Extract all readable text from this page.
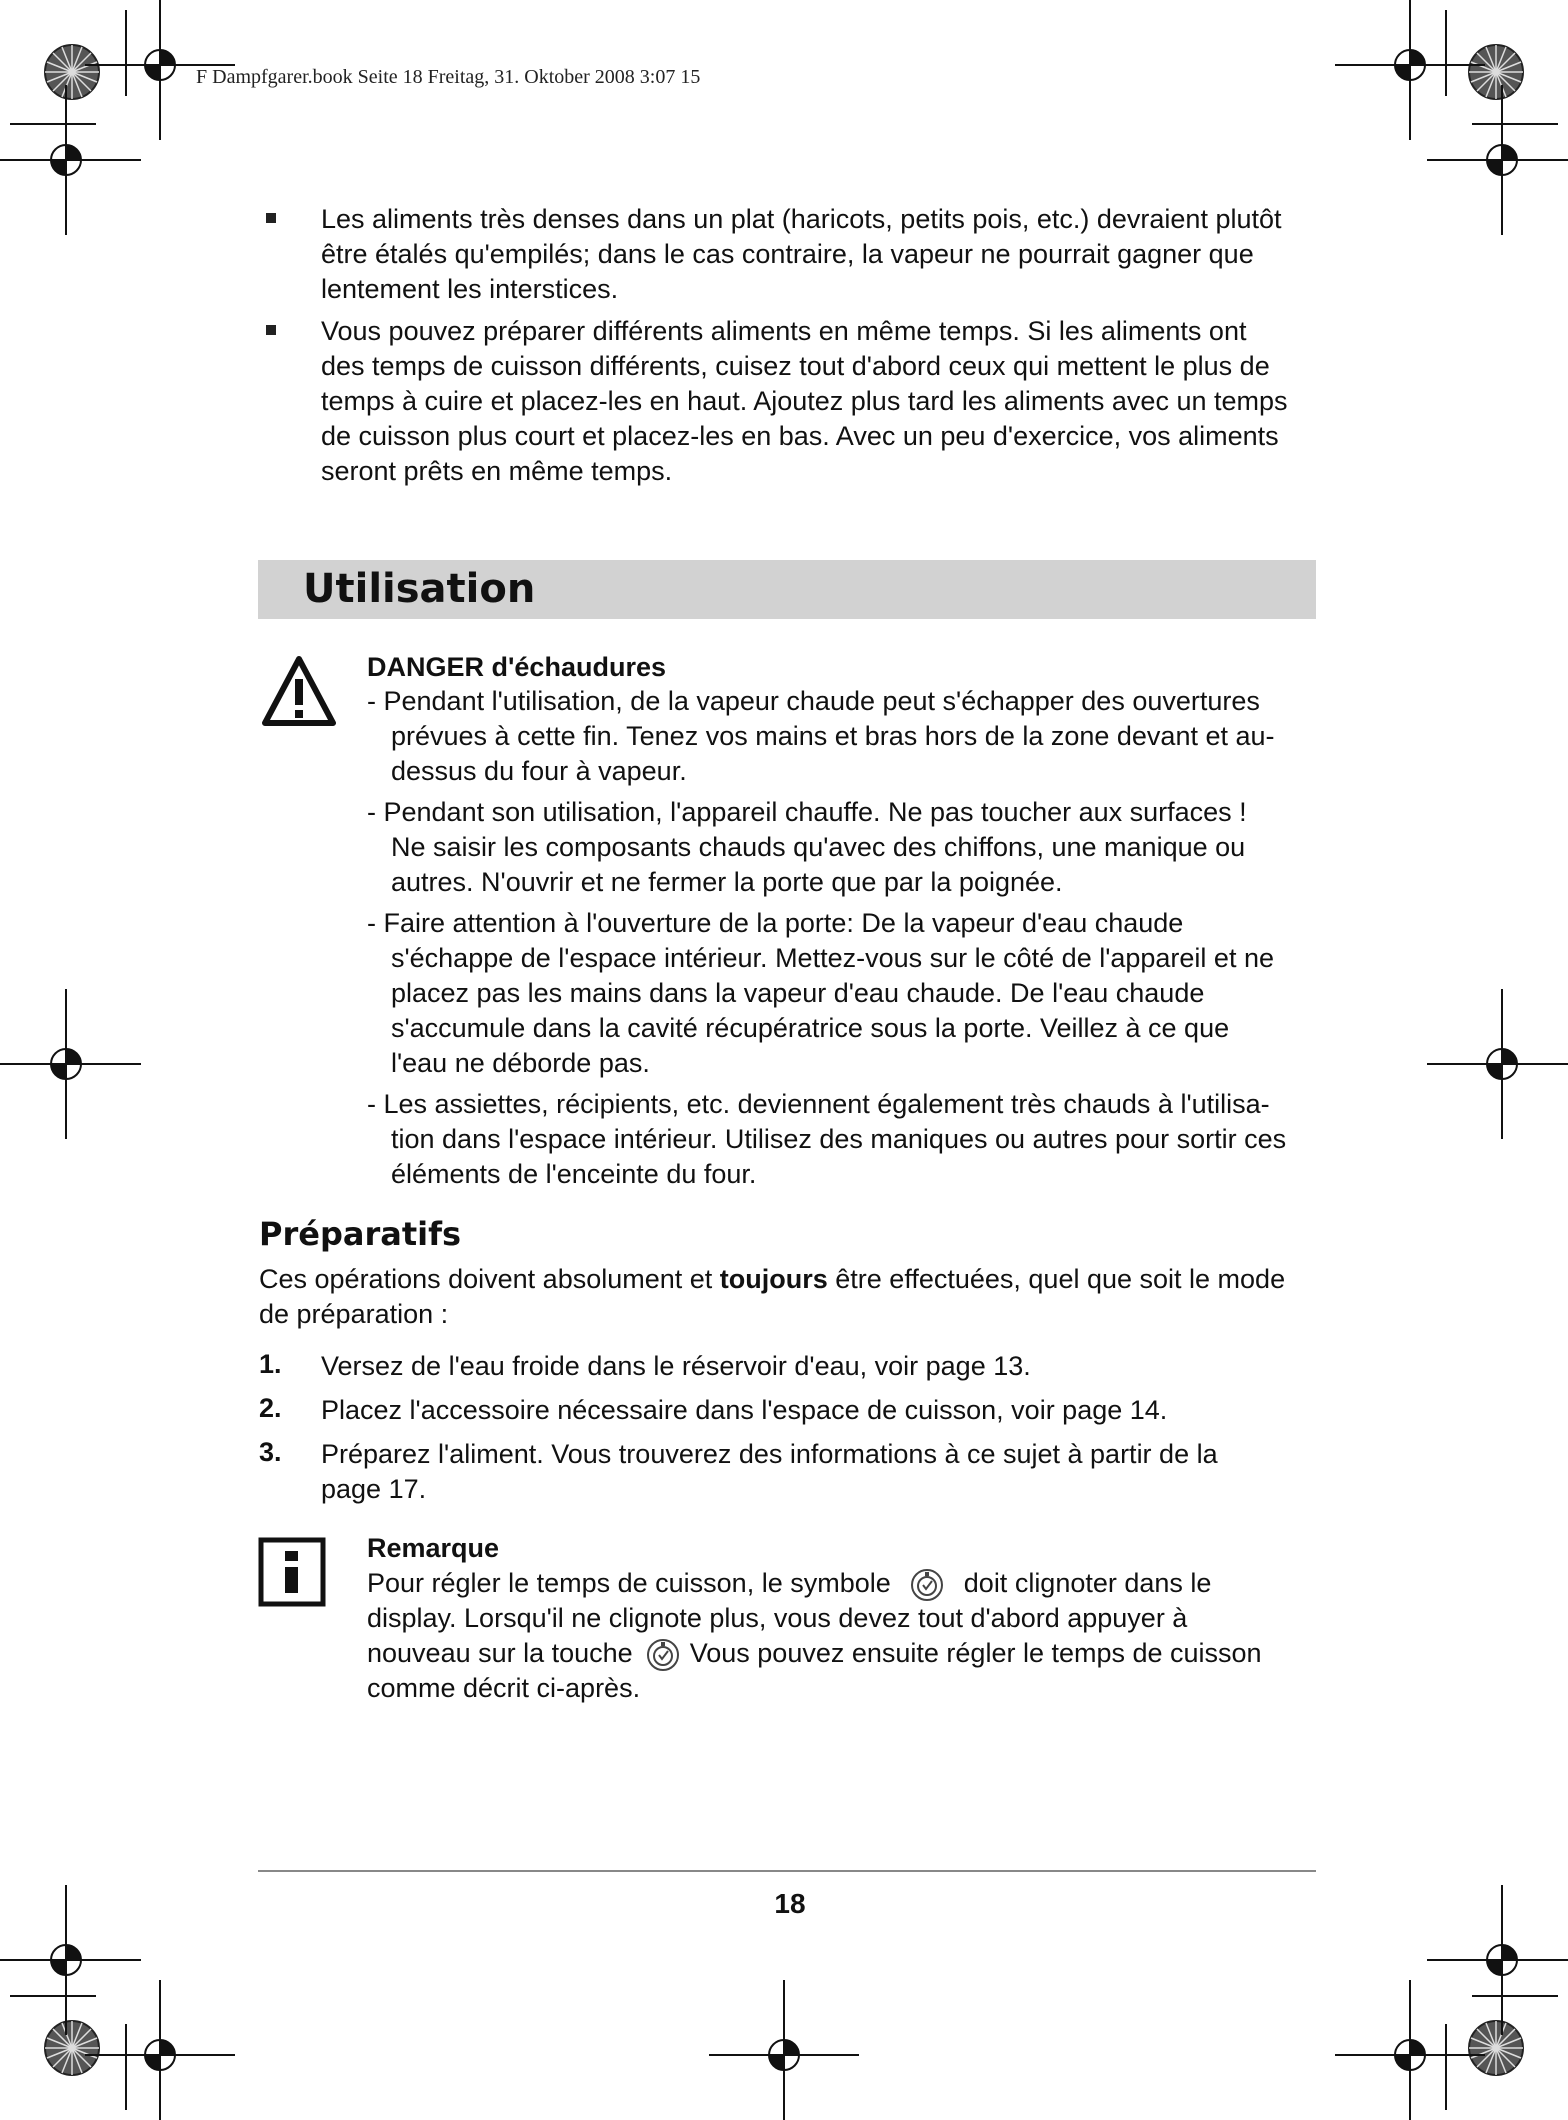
F Dampfgarer.book Seite 18 Freitag, 31. Oktober 2008 3:07 15
Les aliments très denses dans un plat (haricots, petits pois, etc.) devraient plutôt
être étalés qu'empilés; dans le cas contraire, la vapeur ne pourrait gagner que
lentement les interstices.
Vous pouvez préparer différents aliments en même temps. Si les aliments ont
des temps de cuisson différents, cuisez tout d'abord ceux qui mettent le plus de
temps à cuire et placez-les en haut. Ajoutez plus tard les aliments avec un temps
de cuisson plus court et placez-les en bas. Avec un peu d'exercice, vos aliments
seront prêts en même temps.
Utilisation
DANGER d'échaudures
- Pendant l'utilisation, de la vapeur chaude peut s'échapper des ouvertures
prévues à cette fin. Tenez vos mains et bras hors de la zone devant et au-
dessus du four à vapeur.
- Pendant son utilisation, l'appareil chauffe. Ne pas toucher aux surfaces !
Ne saisir les composants chauds qu'avec des chiffons, une manique ou
autres. N'ouvrir et ne fermer la porte que par la poignée.
- Faire attention à l'ouverture de la porte: De la vapeur d'eau chaude
s'échappe de l'espace intérieur. Mettez-vous sur le côté de l'appareil et ne
placez pas les mains dans la vapeur d'eau chaude. De l'eau chaude
s'accumule dans la cavité récupératrice sous la porte. Veillez à ce que
l'eau ne déborde pas.
- Les assiettes, récipients, etc. deviennent également très chauds à l'utilisa-
tion dans l'espace intérieur. Utilisez des maniques ou autres pour sortir ces
éléments de l'enceinte du four.
Préparatifs
Ces opérations doivent absolument et toujours être effectuées, quel que soit le mode
de préparation :
1. Versez de l'eau froide dans le réservoir d'eau, voir page 13.
2. Placez l'accessoire nécessaire dans l'espace de cuisson, voir page 14.
3. Préparez l'aliment. Vous trouverez des informations à ce sujet à partir de la
page 17.
Remarque
Pour régler le temps de cuisson, le symbole	doit clignoter dans le
display. Lorsqu'il ne clignote plus, vous devez tout d'abord appuyer à
nouveau sur la touche Vous pouvez ensuite régler le temps de cuisson
comme décrit ci-après.
18
